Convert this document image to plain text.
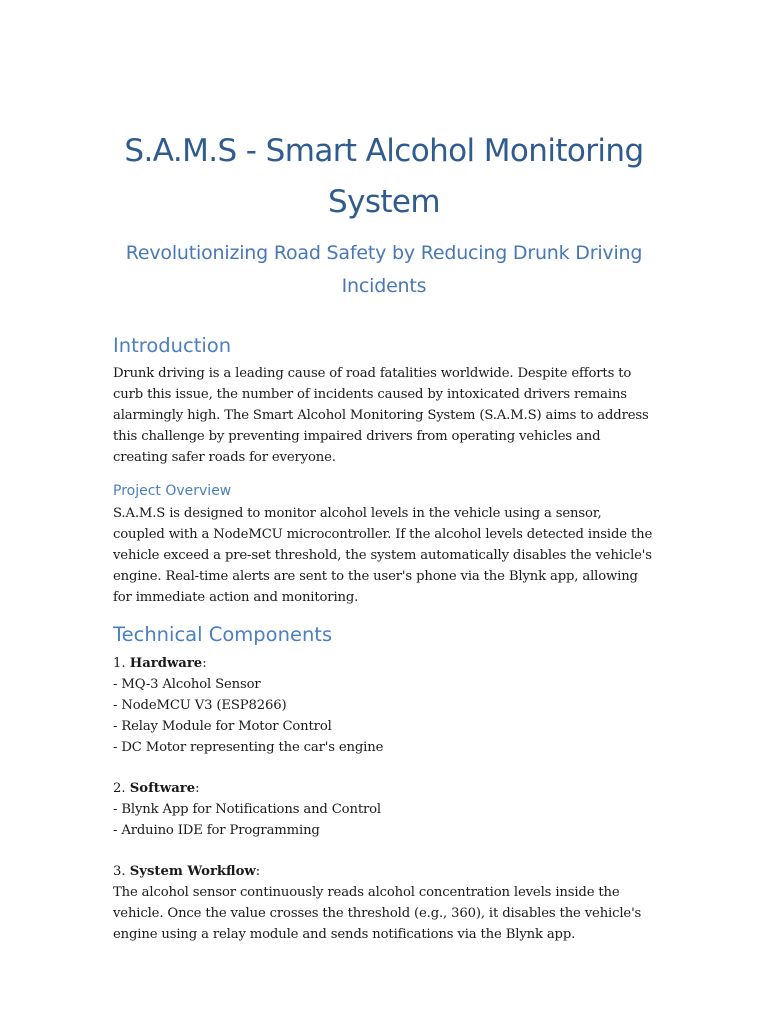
S.A.M.S - Smart Alcohol Monitoring System
Revolutionizing Road Safety by Reducing Drunk Driving Incidents
Introduction

Drunk driving is a leading cause of road fatalities worldwide. Despite efforts to curb this issue, the number of incidents caused by intoxicated drivers remains alarmingly high. The Smart Alcohol Monitoring System (S.A.M.S) aims to address this challenge by preventing impaired drivers from operating vehicles and creating safer roads for everyone.

Project Overview

S.A.M.S is designed to monitor alcohol levels in the vehicle using a sensor, coupled with a NodeMCU microcontroller. If the alcohol levels detected inside the vehicle exceed a pre-set threshold, the system automatically disables the vehicle's engine. Real-time alerts are sent to the user's phone via the Blynk app, allowing for immediate action and monitoring.

Technical Components

1. Hardware:

- MQ-3 Alcohol Sensor

- NodeMCU V3 (ESP8266)

- Relay Module for Motor Control

- DC Motor representing the car's engine

2. Software:

- Blynk App for Notifications and Control

- Arduino IDE for Programming

3. System Workflow:

The alcohol sensor continuously reads alcohol concentration levels inside the vehicle. Once the value crosses the threshold (e.g., 360), it disables the vehicle's engine using a relay module and sends notifications via the Blynk app.
